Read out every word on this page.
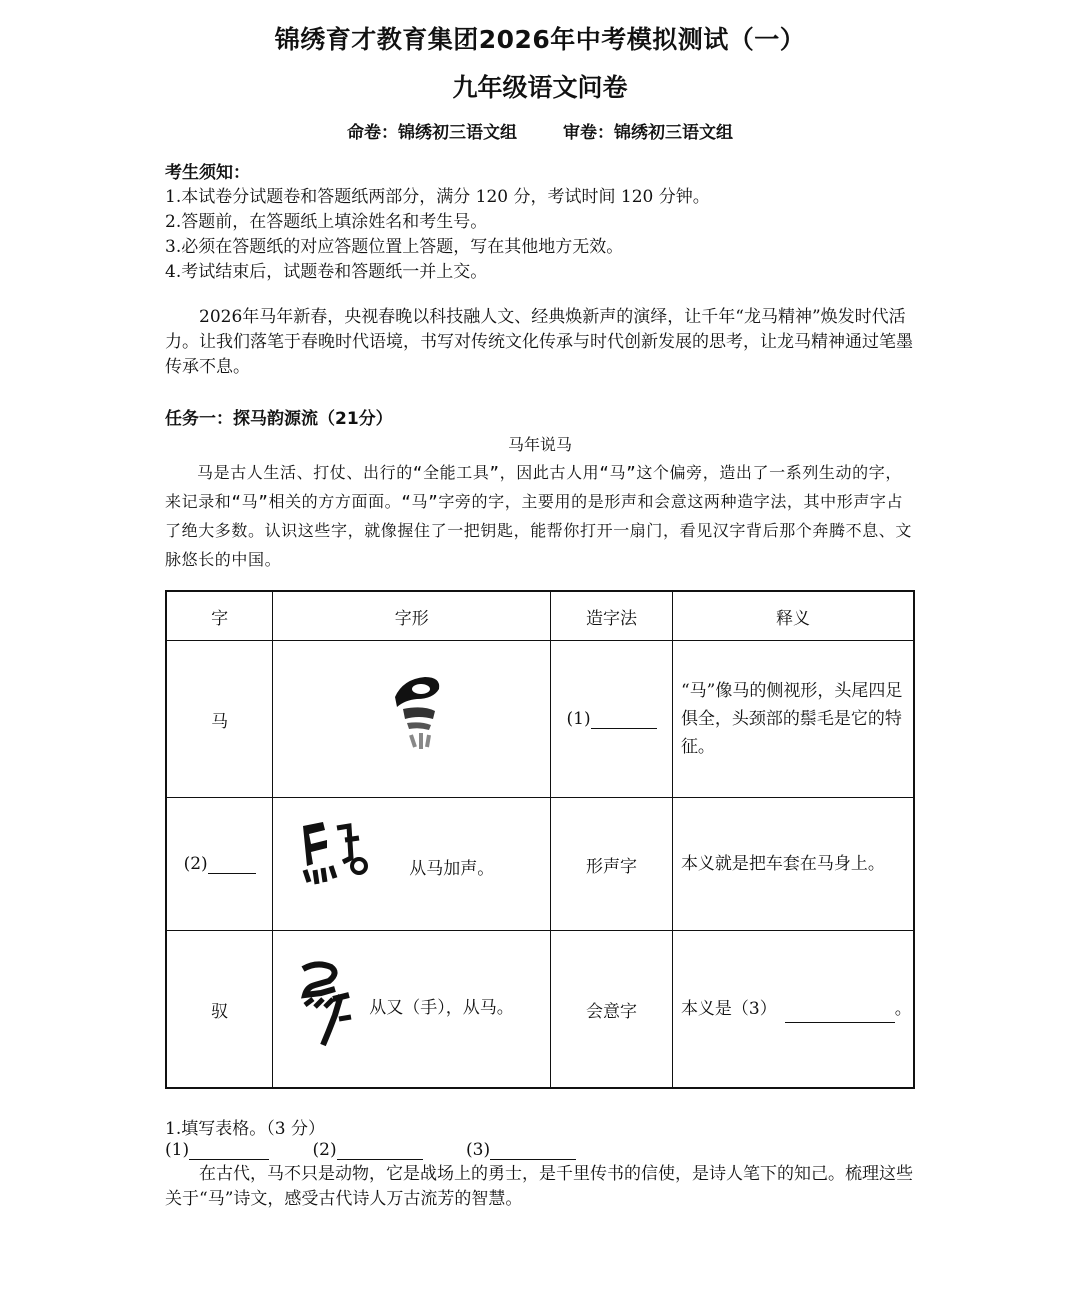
锦绣育才教育集团2026年中考模拟测试（一）
九年级语文问卷
命卷：锦绣初三语文组	审卷：锦绣初三语文组
考生须知：
1.本试卷分试题卷和答题纸两部分，满分 120 分，考试时间 120 分钟。
2.答题前，在答题纸上填涂姓名和考生号。
3.必须在答题纸的对应答题位置上答题，写在其他地方无效。
4.考试结束后，试题卷和答题纸一并上交。
2026年马年新春，央视春晚以科技融人文、经典焕新声的演绎，让千年“龙马精神”焕发时代活力。让我们落笔于春晚时代语境，书写对传统文化传承与时代创新发展的思考，让龙马精神通过笔墨传承不息。
任务一：探马韵源流（21分）
马年说马
马是古人生活、打仗、出行的“全能工具”，因此古人用“马”这个偏旁，造出了一系列生动的字，来记录和“马”相关的方方面面。“马”字旁的字，主要用的是形声和会意这两种造字法，其中形声字占了绝大多数。认识这些字，就像握住了一把钥匙，能帮你打开一扇门，看见汉字背后那个奔腾不息、文脉悠长的中国。
字	字形	造字法	释义
马		(1)	“马”像马的侧视形，头尾四足俱全，头颈部的鬃毛是它的特征。
(2)	从马加声。	形声字	本义就是把车套在马身上。
驭	从又（手），从马。	会意字	本义是（3） 。
1.填写表格。（3 分）
(1)	(2)	(3)
在古代，马不只是动物，它是战场上的勇士，是千里传书的信使，是诗人笔下的知己。梳理这些关于“马”诗文，感受古代诗人万古流芳的智慧。
